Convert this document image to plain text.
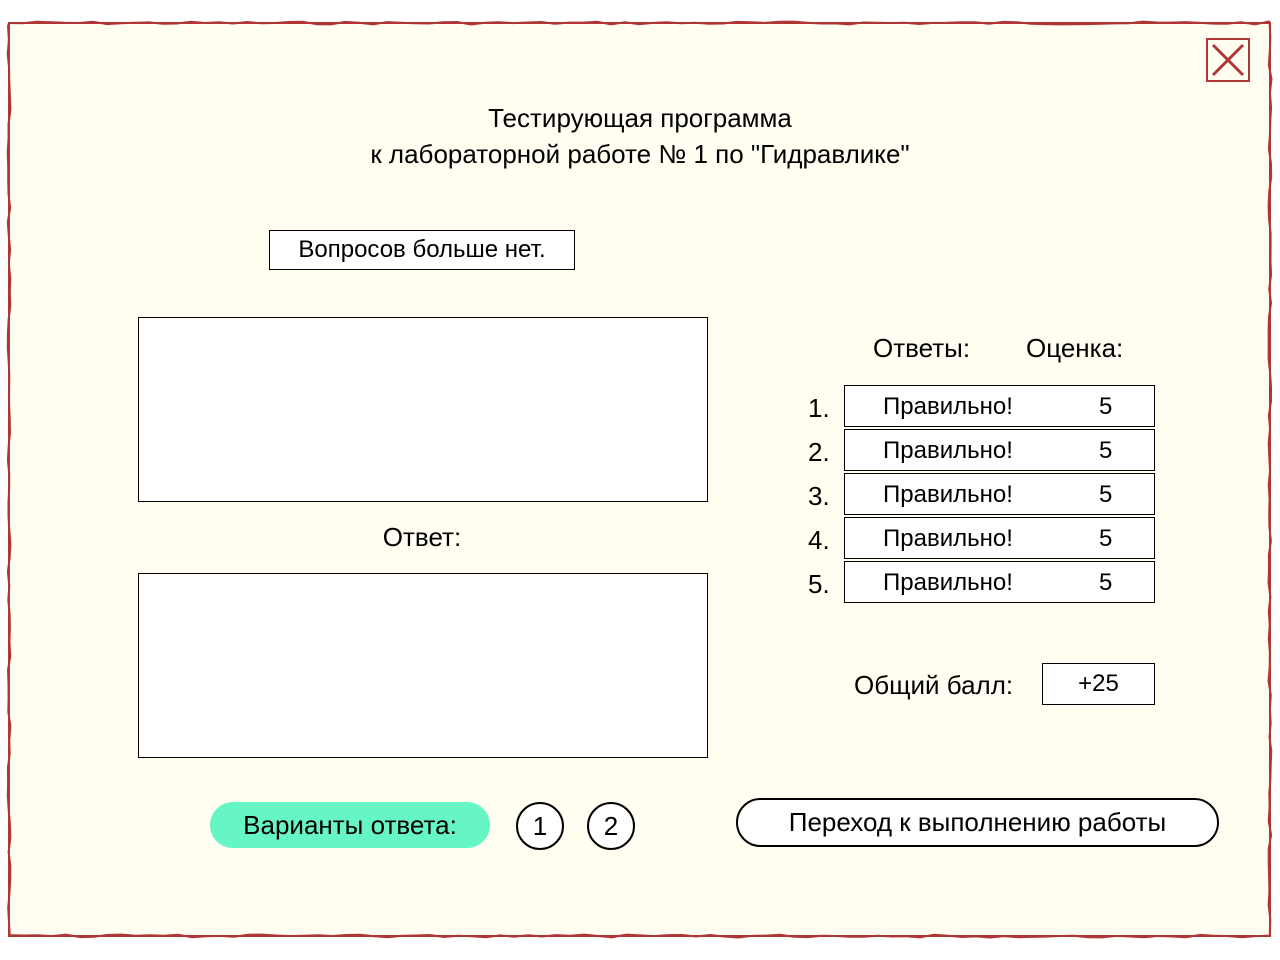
Тестирующая программа
к лабораторной работе № 1 по "Гидравлике"
Вопросов больше нет.
Ответ:
Ответы: Оценка:
1.	Правильно!	5
2.	Правильно!	5
3.	Правильно!	5
4.	Правильно!	5
5.	Правильно!	5
Общий балл:	+25
Варианты ответа:	1	2	Переход к выполнению работы
